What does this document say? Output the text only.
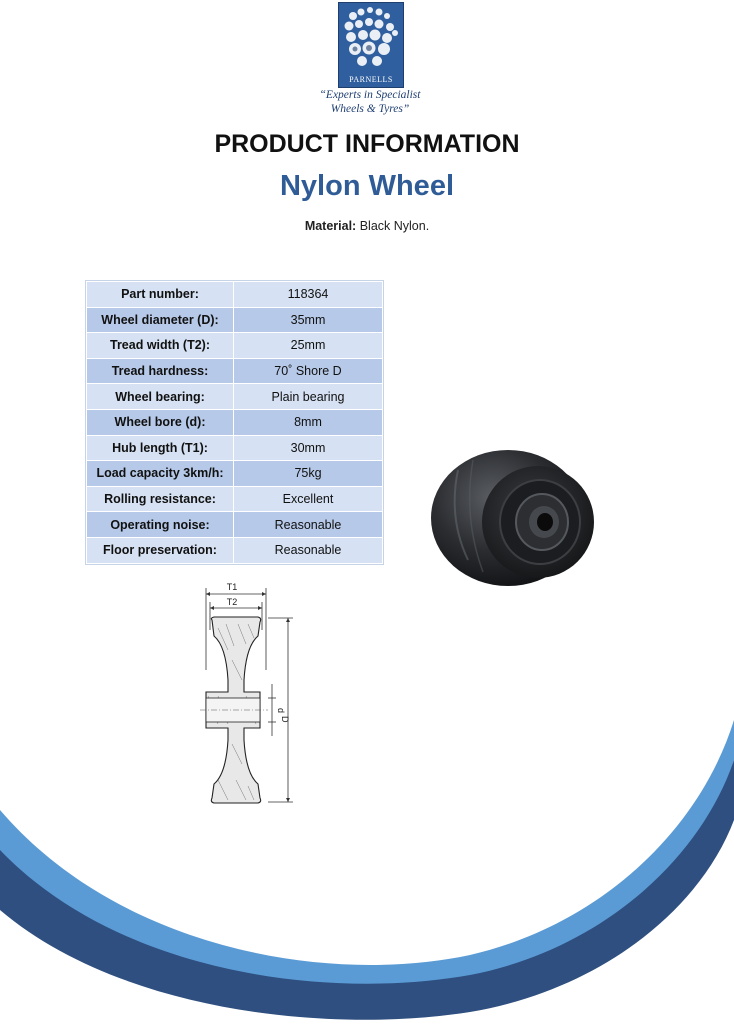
PARNELLS
“Experts in Specialist
Wheels & Tyres”
PRODUCT INFORMATION
Nylon Wheel
Material: Black Nylon.
Part number:	118364
Wheel diameter (D):	35mm
Tread width (T2):	25mm
Tread hardness:	70˚ Shore D
Wheel bearing:	Plain bearing
Wheel bore (d):	8mm
Hub length (T1):	30mm
Load capacity 3km/h:	75kg
Rolling resistance:	Excellent
Operating noise:	Reasonable
Floor preservation:	Reasonable
T1
T2
d
D
